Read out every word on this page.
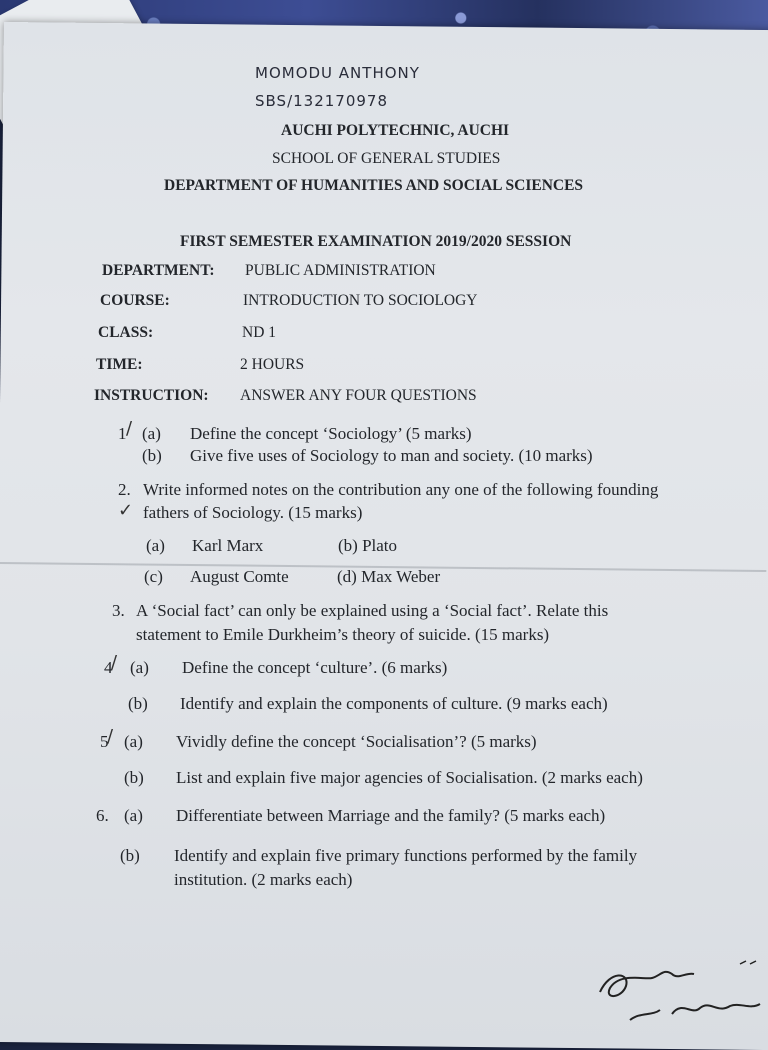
MOMODU ANTHONY
SBS/132170978
AUCHI POLYTECHNIC, AUCHI
SCHOOL OF GENERAL STUDIES
DEPARTMENT OF HUMANITIES AND SOCIAL SCIENCES
FIRST SEMESTER EXAMINATION 2019/2020 SESSION
DEPARTMENT: PUBLIC ADMINISTRATION
COURSE:	INTRODUCTION TO SOCIOLOGY
CLASS:	ND 1
TIME:	2 HOURS
INSTRUCTION: ANSWER ANY FOUR QUESTIONS
1 / (a) Define the concept ‘Sociology’ (5 marks)
(b) Give five uses of Sociology to man and society. (10 marks)
2. Write informed notes on the contribution any one of the following founding
✓ fathers of Sociology. (15 marks)
(a) Karl Marx	(b) Plato
(c) August Comte	(d) Max Weber
3. A ‘Social fact’ can only be explained using a ‘Social fact’. Relate this
statement to Emile Durkheim’s theory of suicide. (15 marks)
4
/ (a) Define the concept ‘culture’. (6 marks)
(b) Identify and explain the components of culture. (9 marks each)
5
/ (a) Vividly define the concept ‘Socialisation’? (5 marks)
(b) List and explain five major agencies of Socialisation. (2 marks each)
6. (a) Differentiate between Marriage and the family? (5 marks each)
(b) Identify and explain five primary functions performed by the family
institution. (2 marks each)
